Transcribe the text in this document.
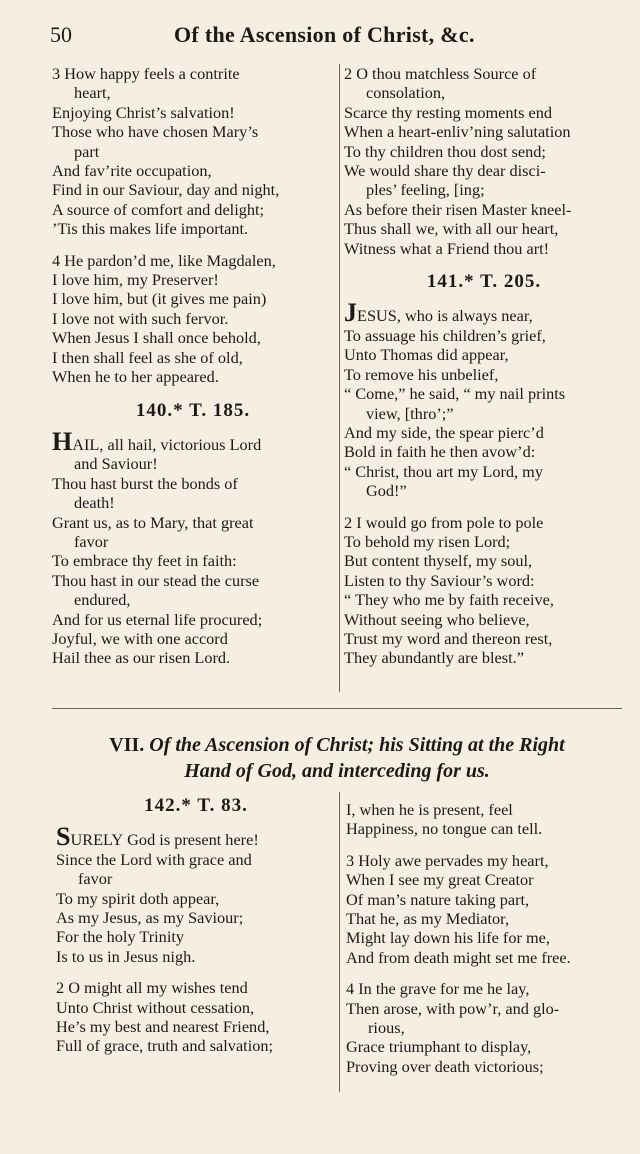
50	Of the Ascension of Christ, &c.
3 How happy feels a contrite
heart,
Enjoying Christ’s salvation!
Those who have chosen Mary’s
part
And fav’rite occupation,
Find in our Saviour, day and night,
A source of comfort and delight;
’Tis this makes life important.
4 He pardon’d me, like Magdalen,
I love him, my Preserver!
I love him, but (it gives me pain)
I love not with such fervor.
When Jesus I shall once behold,
I then shall feel as she of old,
When he to her appeared.
140.* T. 185.
HAIL, all hail, victorious Lord
and Saviour!
Thou hast burst the bonds of
death!
Grant us, as to Mary, that great
favor
To embrace thy feet in faith:
Thou hast in our stead the curse
endured,
And for us eternal life procured;
Joyful, we with one accord
Hail thee as our risen Lord.
2 O thou matchless Source of
consolation,
Scarce thy resting moments end
When a heart-enliv’ning salutation
To thy children thou dost send;
We would share thy dear disci-
ples’ feeling, [ing;
As before their risen Master kneel-
Thus shall we, with all our heart,
Witness what a Friend thou art!
141.* T. 205.
JESUS, who is always near,
To assuage his children’s grief,
Unto Thomas did appear,
To remove his unbelief,
“ Come,” he said, “ my nail prints
view, [thro’;”
And my side, the spear pierc’d
Bold in faith he then avow’d:
“ Christ, thou art my Lord, my
God!”
2 I would go from pole to pole
To behold my risen Lord;
But content thyself, my soul,
Listen to thy Saviour’s word:
“ They who me by faith receive,
Without seeing who believe,
Trust my word and thereon rest,
They abundantly are blest.”
VII. Of the Ascension of Christ; his Sitting at the Right
Hand of God, and interceding for us.
142.* T. 83.
SURELY God is present here!
Since the Lord with grace and
favor
To my spirit doth appear,
As my Jesus, as my Saviour;
For the holy Trinity
Is to us in Jesus nigh.
2 O might all my wishes tend
Unto Christ without cessation,
He’s my best and nearest Friend,
Full of grace, truth and salvation;
I, when he is present, feel
Happiness, no tongue can tell.
3 Holy awe pervades my heart,
When I see my great Creator
Of man’s nature taking part,
That he, as my Mediator,
Might lay down his life for me,
And from death might set me free.
4 In the grave for me he lay,
Then arose, with pow’r, and glo-
rious,
Grace triumphant to display,
Proving over death victorious;
